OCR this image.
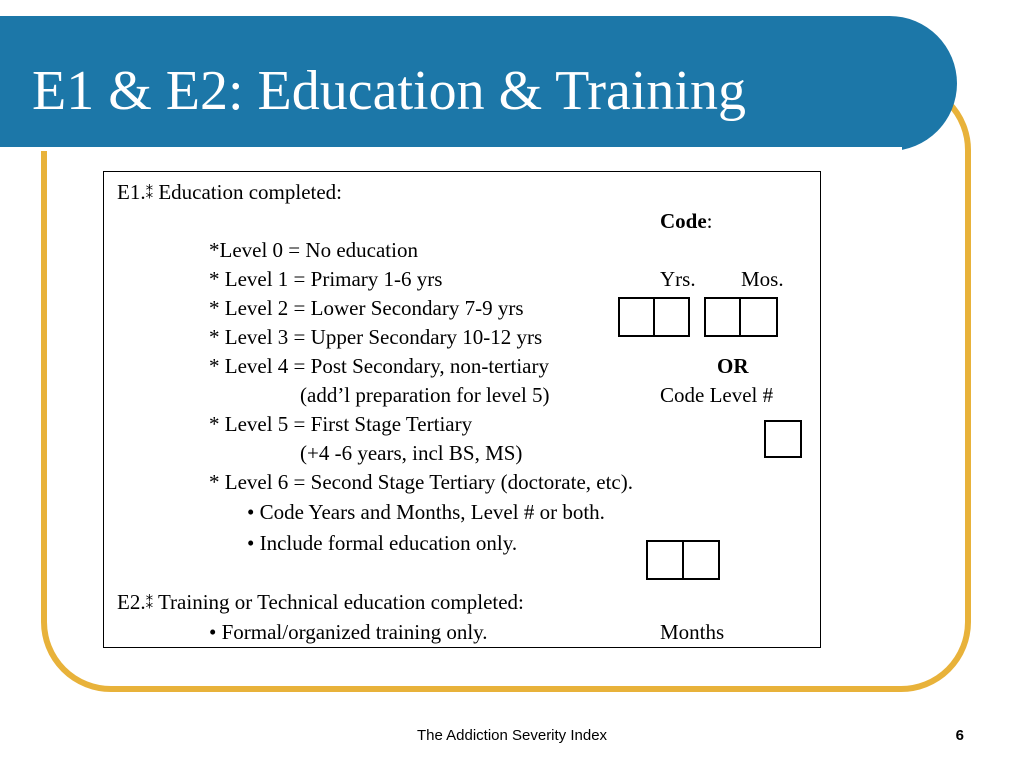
E1 & E2: Education & Training
E1.⁑ Education completed:
Code:
*Level 0 = No education
* Level 1 = Primary 1-6 yrs
* Level 2 = Lower Secondary 7-9 yrs
* Level 3 = Upper Secondary 10-12 yrs
* Level 4 = Post Secondary, non-tertiary
(add’l preparation for level 5)
* Level 5 = First Stage Tertiary
(+4 -6 years, incl BS, MS)
* Level 6 = Second Stage Tertiary (doctorate, etc).
Yrs. Mos.
OR
Code Level #
• Code Years and Months, Level # or both.
• Include formal education only.
E2.⁑ Training or Technical education completed:
• Formal/organized training only.	Months
The Addiction Severity Index	6
